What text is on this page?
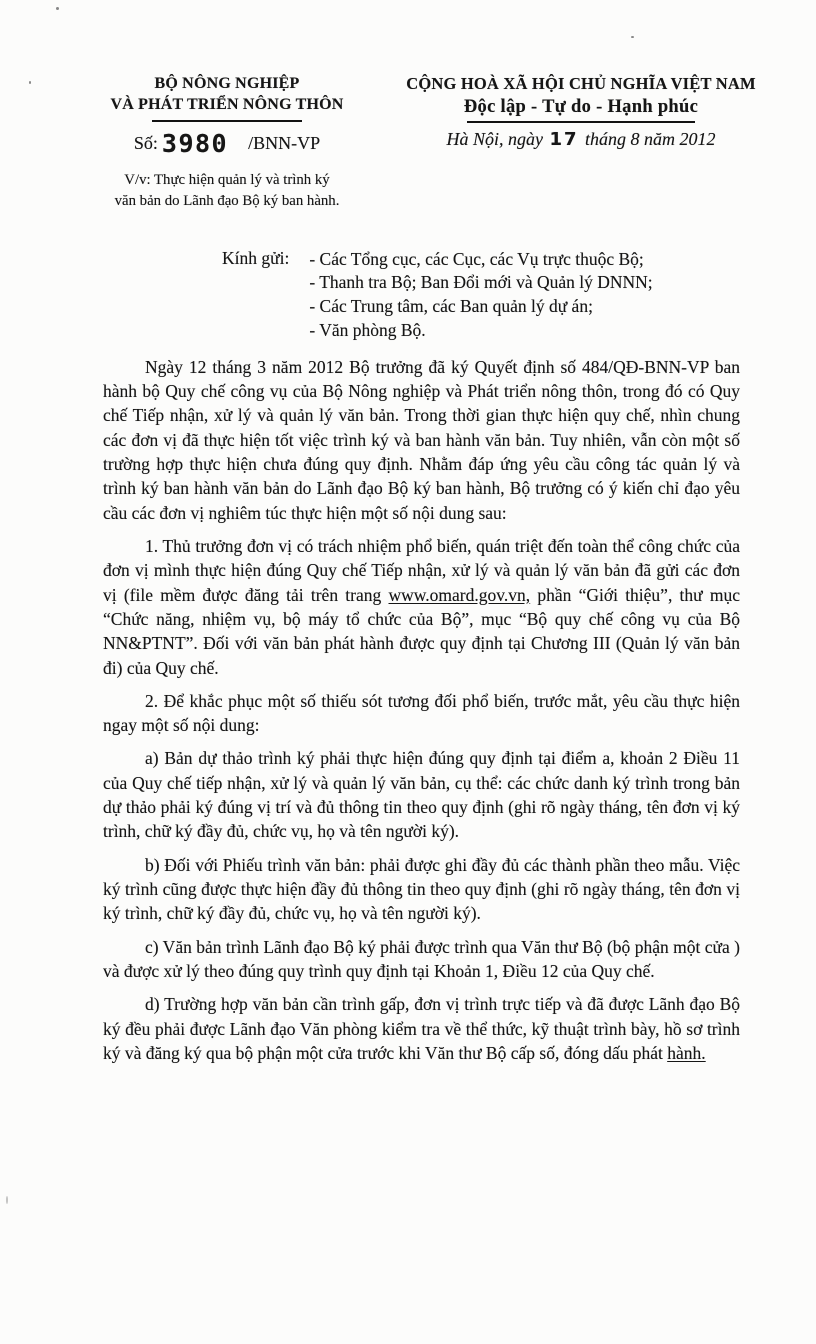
BỘ NÔNG NGHIỆP
VÀ PHÁT TRIỂN NÔNG THÔN
Số: 3980 /BNN-VP
V/v: Thực hiện quản lý và trình ký
văn bản do Lãnh đạo Bộ ký ban hành.
CỘNG HOÀ XÃ HỘI CHỦ NGHĨA VIỆT NAM
Độc lập - Tự do - Hạnh phúc
Hà Nội, ngày 17 tháng 8 năm 2012
Kính gửi: - Các Tổng cục, các Cục, các Vụ trực thuộc Bộ;
- Thanh tra Bộ; Ban Đổi mới và Quản lý DNNN;
- Các Trung tâm, các Ban quản lý dự án;
- Văn phòng Bộ.

Ngày 12 tháng 3 năm 2012 Bộ trưởng đã ký Quyết định số 484/QĐ-BNN-VP ban hành bộ Quy chế công vụ của Bộ Nông nghiệp và Phát triển nông thôn, trong đó có Quy chế Tiếp nhận, xử lý và quản lý văn bản. Trong thời gian thực hiện quy chế, nhìn chung các đơn vị đã thực hiện tốt việc trình ký và ban hành văn bản. Tuy nhiên, vẫn còn một số trường hợp thực hiện chưa đúng quy định. Nhằm đáp ứng yêu cầu công tác quản lý và trình ký ban hành văn bản do Lãnh đạo Bộ ký ban hành, Bộ trưởng có ý kiến chỉ đạo yêu cầu các đơn vị nghiêm túc thực hiện một số nội dung sau:

1. Thủ trưởng đơn vị có trách nhiệm phổ biến, quán triệt đến toàn thể công chức của đơn vị mình thực hiện đúng Quy chế Tiếp nhận, xử lý và quản lý văn bản đã gửi các đơn vị (file mềm được đăng tải trên trang www.omard.gov.vn, phần “Giới thiệu”, thư mục “Chức năng, nhiệm vụ, bộ máy tổ chức của Bộ”, mục “Bộ quy chế công vụ của Bộ NN&PTNT”. Đối với văn bản phát hành được quy định tại Chương III (Quản lý văn bản đi) của Quy chế.

2. Để khắc phục một số thiếu sót tương đối phổ biến, trước mắt, yêu cầu thực hiện ngay một số nội dung:

a) Bản dự thảo trình ký phải thực hiện đúng quy định tại điểm a, khoản 2 Điều 11 của Quy chế tiếp nhận, xử lý và quản lý văn bản, cụ thể: các chức danh ký trình trong bản dự thảo phải ký đúng vị trí và đủ thông tin theo quy định (ghi rõ ngày tháng, tên đơn vị ký trình, chữ ký đầy đủ, chức vụ, họ và tên người ký).

b) Đối với Phiếu trình văn bản: phải được ghi đầy đủ các thành phần theo mẫu. Việc ký trình cũng được thực hiện đầy đủ thông tin theo quy định (ghi rõ ngày tháng, tên đơn vị ký trình, chữ ký đầy đủ, chức vụ, họ và tên người ký).

c) Văn bản trình Lãnh đạo Bộ ký phải được trình qua Văn thư Bộ (bộ phận một cửa ) và được xử lý theo đúng quy trình quy định tại Khoản 1, Điều 12 của Quy chế.

d) Trường hợp văn bản cần trình gấp, đơn vị trình trực tiếp và đã được Lãnh đạo Bộ ký đều phải được Lãnh đạo Văn phòng kiểm tra về thể thức, kỹ thuật trình bày, hồ sơ trình ký và đăng ký qua bộ phận một cửa trước khi Văn thư Bộ cấp số, đóng dấu phát hành.
